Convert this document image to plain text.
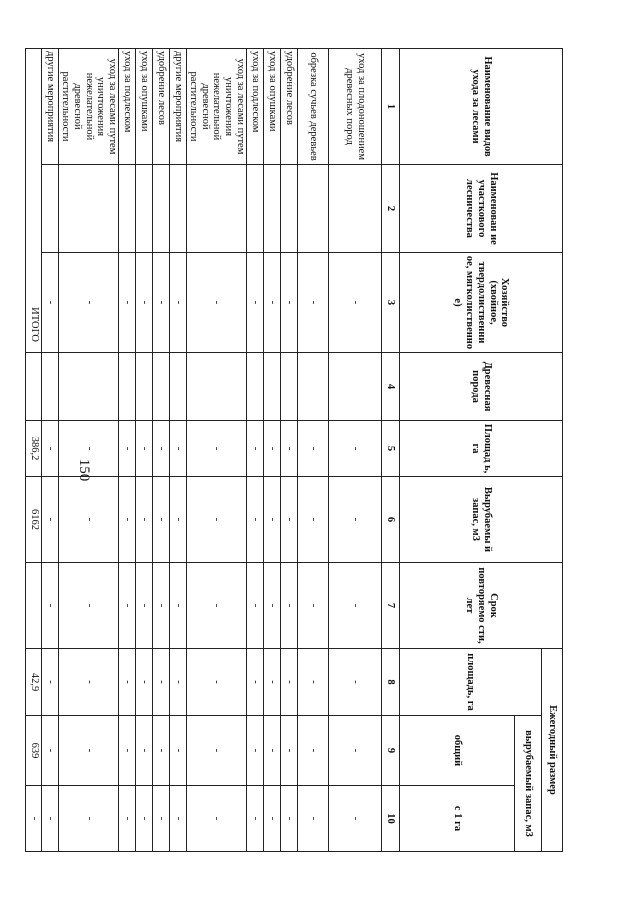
Наименование видов ухода за лесами	Наименован ие участкового лесничества	Хозяйство (хвойное, твердолиственни ое, мягколиственно е)	Древесная порода	Площад ь, га	Вырубаемы й запас, м3	Срок повторяемо сти, лет	Ежегодный размер		
							площадь, га	вырубаемый запас, м3	
								общий	с 1 га
1	2	3	4	5	6	7	8	9	10
уход за плодоношением древесных пород		-		-	-	-	-	-	-
обрезка сучьев деревьев		-		-	-	-	-	-	-
удобрение лесов		-		-	-	-	-	-	-
уход за опушками		-		-	-	-	-	-	-
уход за подлеском		-		-	-	-	-	-	-
уход за лесами путем уничтожения нежелательной древесной растительности		-		-	-	-	-	-	-
другие мероприятия		-		-	-	-	-	-	-
удобрение лесов		-		-	-	-	-	-	-
уход за опушками		-		-	-	-	-	-	-
уход за подлеском		-		-	-	-	-	-	-
уход за лесами путем уничтожения нежелательной древесной растительности		-		-	-	-	-	-	-
другие мероприятия		-		-	-	-	-	-	-
ИТОГО				386,2	6162		42,9	639	-
150
